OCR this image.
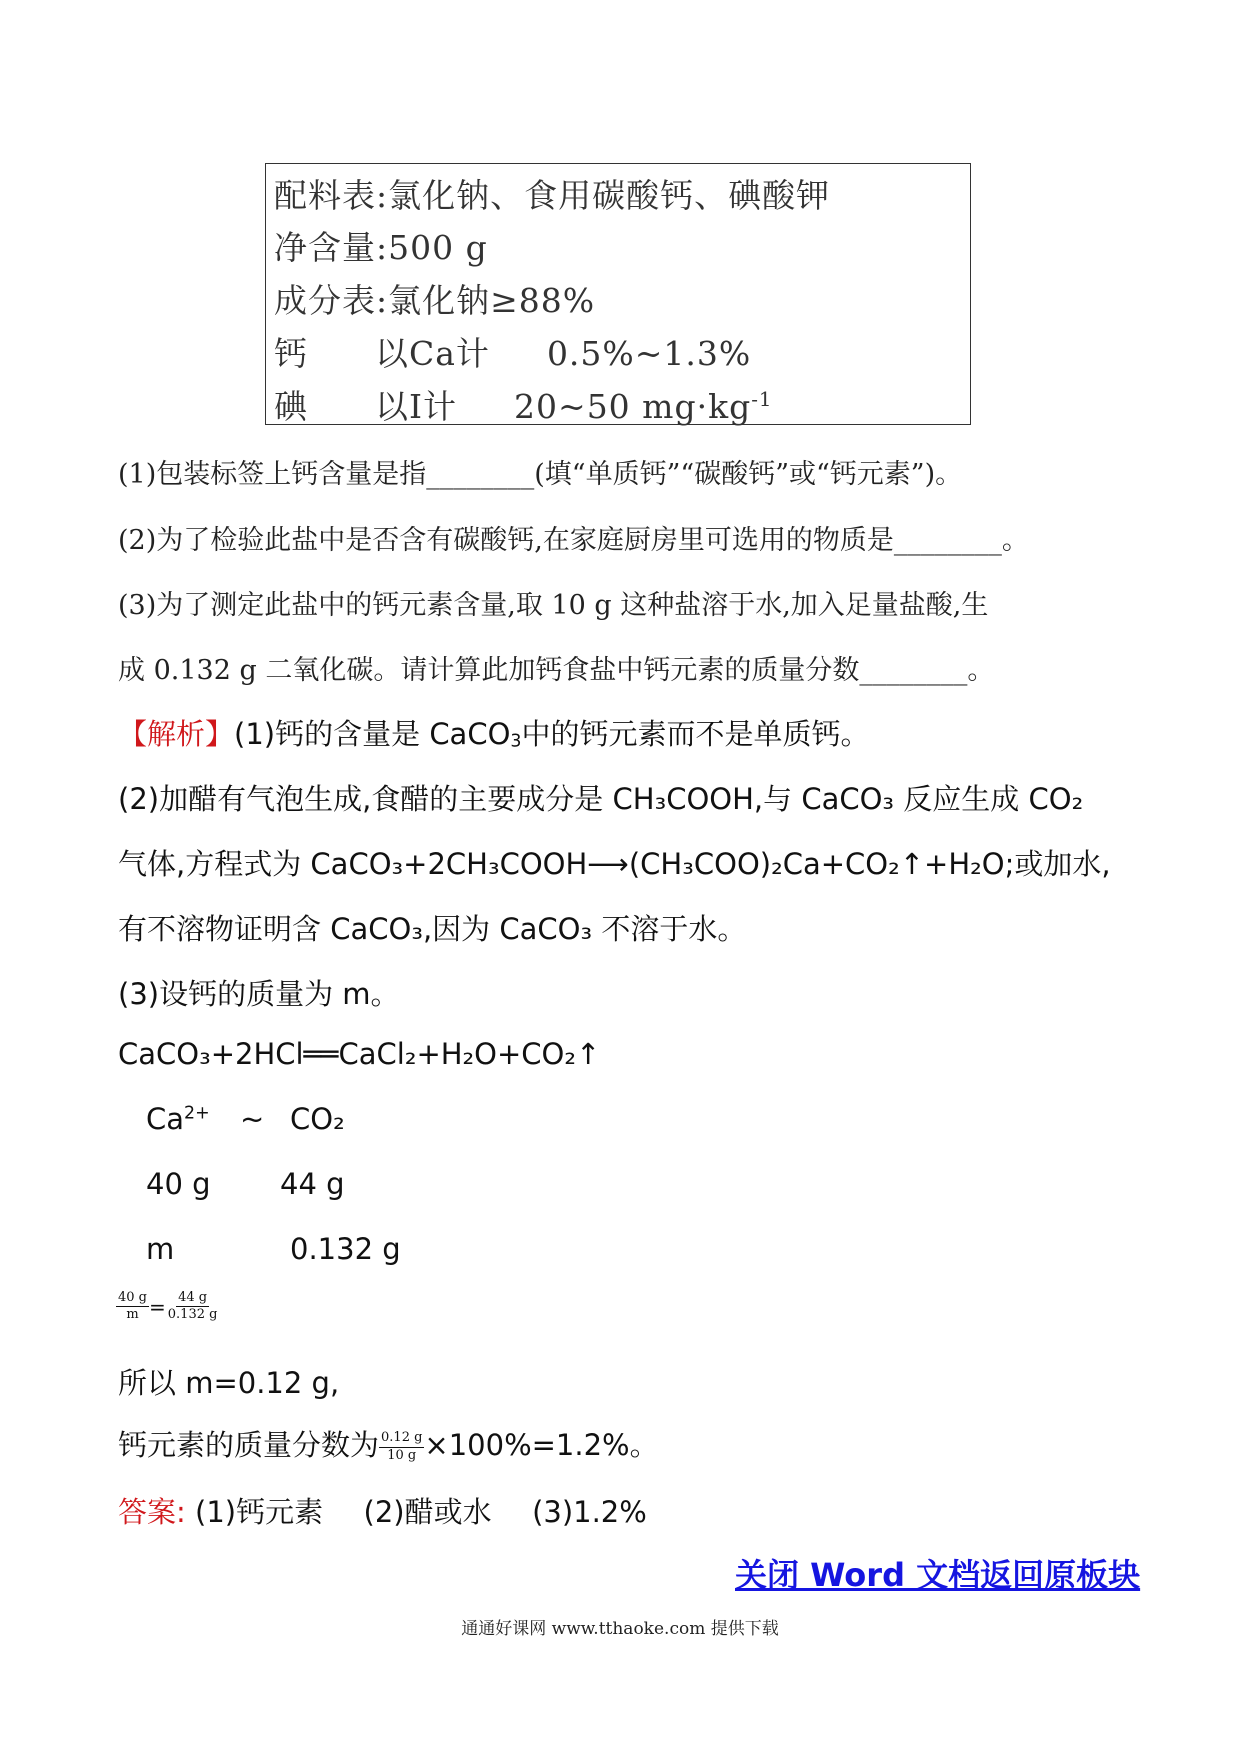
配料表:氯化钠、食用碳酸钙、碘酸钾
净含量:500 g
成分表:氯化钠≥88%
钙 以Ca计 0.5%~1.3%
碘 以I计 20~50 $mg\cdot kg^{-1}$
(1)包装标签上钙含量是指________(填“单质钙”“碳酸钙”或“钙元素”)。
(2)为了检验此盐中是否含有碳酸钙,在家庭厨房里可选用的物质是________。
(3)为了测定此盐中的钙元素含量,取 10 g 这种盐溶于水,加入足量盐酸,生
成 0.132 g 二氧化碳。请计算此加钙食盐中钙元素的质量分数________。
【解析】(1)钙的含量是 CaCO$_3$中的钙元素而不是单质钙。
(2)加醋有气泡生成,食醋的主要成分是 CH₃COOH,与 CaCO₃ 反应生成 CO₂
气体,方程式为 CaCO₃+2CH₃COOH⟶(CH₃COO)₂Ca+CO₂↑+H₂O;或加水,
有不溶物证明含 CaCO₃,因为 CaCO₃ 不溶于水。
(3)设钙的质量为 m。
CaCO₃+2HCl══CaCl₂+H₂O+CO₂↑
$Ca^{2+}$ ~ CO₂
40 g 44 g
m	0.132 g
$\frac{40 g}{m} = \frac{44 g}{0.132 g}$
所以 m=0.12 g,
钙元素的质量分数为 $\frac{0.12 g}{10 g} \times 100\%=1.2\%$。
答案: (1)钙元素 (2)醋或水 (3)1.2%
关闭 Word 文档返回原板块
通通好课网 www.tthaoke.com 提供下载
